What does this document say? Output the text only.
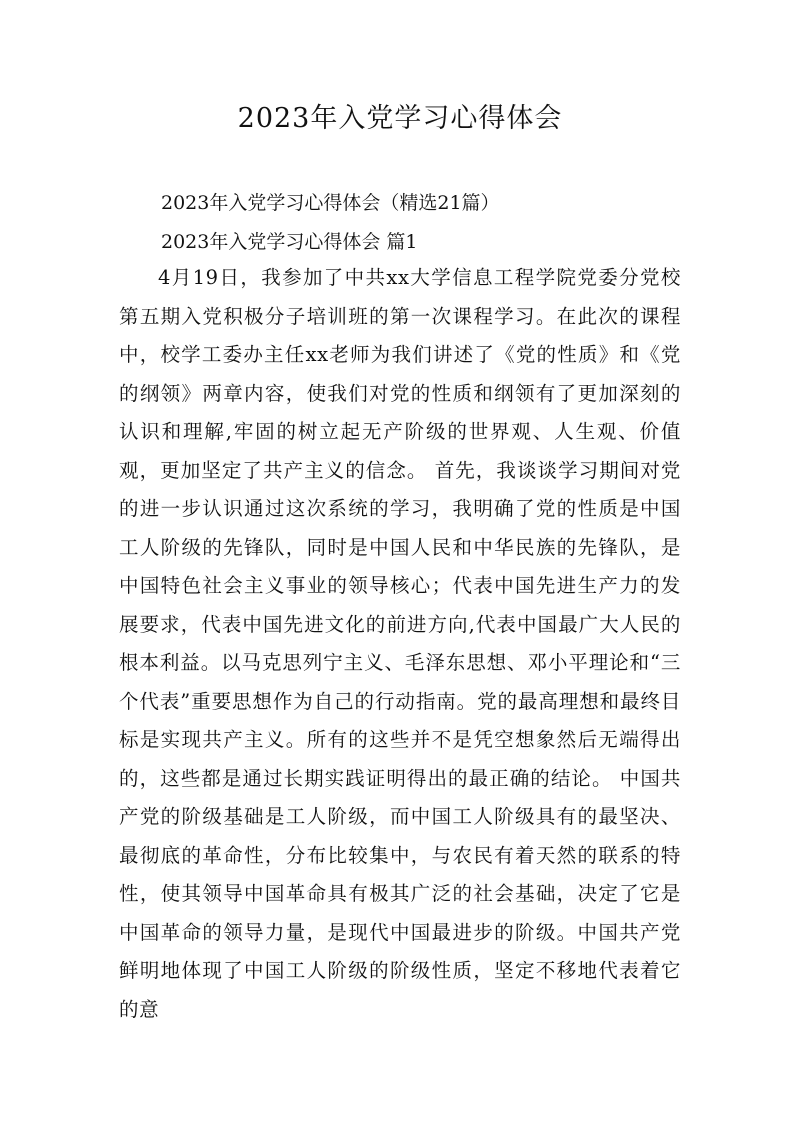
2023年入党学习心得体会
2023年入党学习心得体会（精选21篇）
2023年入党学习心得体会 篇1

4月19日，我参加了中共xx大学信息工程学院党委分党校第五期入党积极分子培训班的第一次课程学习。在此次的课程中，校学工委办主任xx老师为我们讲述了《党的性质》和《党的纲领》两章内容，使我们对党的性质和纲领有了更加深刻的认识和理解,牢固的树立起无产阶级的世界观、人生观、价值观，更加坚定了共产主义的信念。 首先，我谈谈学习期间对党的进一步认识通过这次系统的学习，我明确了党的性质是中国工人阶级的先锋队，同时是中国人民和中华民族的先锋队，是中国特色社会主义事业的领导核心；代表中国先进生产力的发展要求，代表中国先进文化的前进方向,代表中国最广大人民的根本利益。以马克思列宁主义、毛泽东思想、邓小平理论和“三个代表”重要思想作为自己的行动指南。党的最高理想和最终目标是实现共产主义。所有的这些并不是凭空想象然后无端得出的，这些都是通过长期实践证明得出的最正确的结论。 中国共产党的阶级基础是工人阶级，而中国工人阶级具有的最坚决、最彻底的革命性，分布比较集中，与农民有着天然的联系的特性，使其领导中国革命具有极其广泛的社会基础，决定了它是中国革命的领导力量，是现代中国最进步的阶级。中国共产党鲜明地体现了中国工人阶级的阶级性质，坚定不移地代表着它的意
